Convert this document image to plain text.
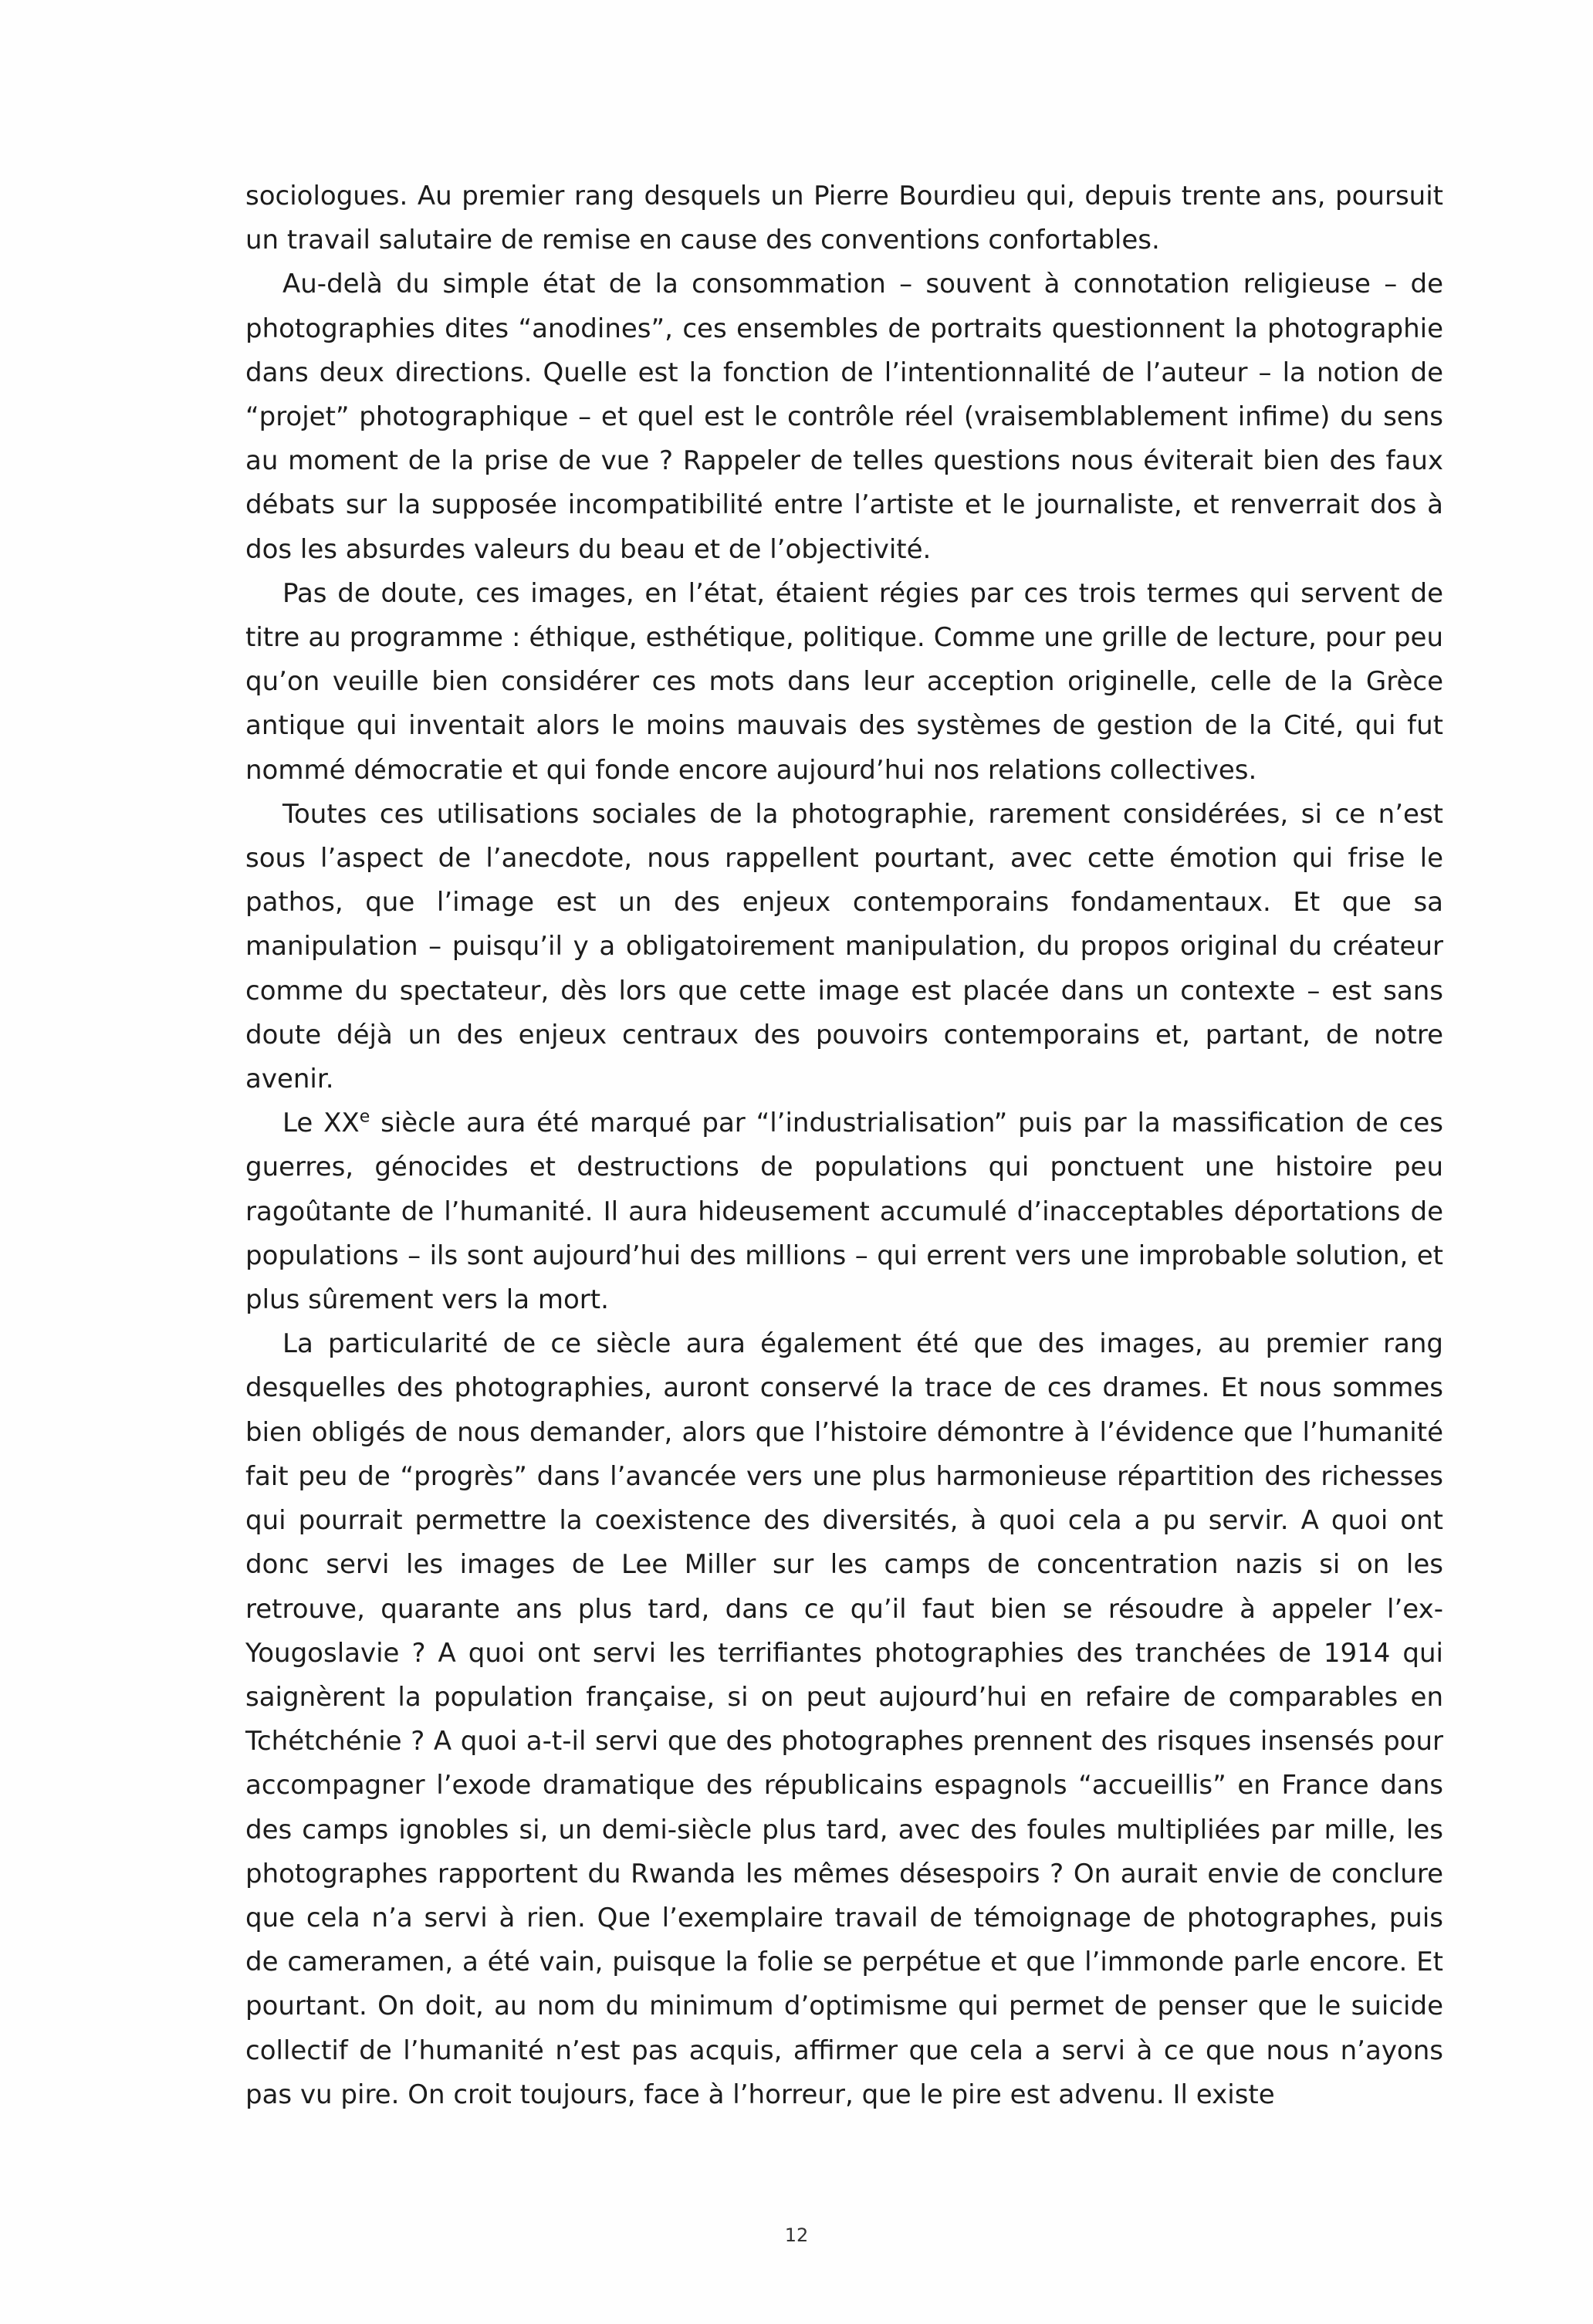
sociologues. Au premier rang desquels un Pierre Bourdieu qui, depuis trente ans, poursuit un travail salutaire de remise en cause des conventions confortables.

Au-delà du simple état de la consommation – souvent à connotation religieuse – de photographies dites “anodines”, ces ensembles de portraits questionnent la photographie dans deux directions. Quelle est la fonction de l’intentionnalité de l’auteur – la notion de “projet” photographique – et quel est le contrôle réel (vraisemblablement infime) du sens au moment de la prise de vue ? Rappeler de telles questions nous éviterait bien des faux débats sur la supposée incompatibilité entre l’artiste et le journaliste, et renverrait dos à dos les absurdes valeurs du beau et de l’objectivité.

Pas de doute, ces images, en l’état, étaient régies par ces trois termes qui servent de titre au programme : éthique, esthétique, politique. Comme une grille de lecture, pour peu qu’on veuille bien considérer ces mots dans leur acception originelle, celle de la Grèce antique qui inventait alors le moins mauvais des systèmes de gestion de la Cité, qui fut nommé démocratie et qui fonde encore aujourd’hui nos relations collectives.

Toutes ces utilisations sociales de la photographie, rarement considérées, si ce n’est sous l’aspect de l’anecdote, nous rappellent pourtant, avec cette émotion qui frise le pathos, que l’image est un des enjeux contemporains fondamentaux. Et que sa manipulation – puisqu’il y a obligatoirement manipulation, du propos original du créateur comme du spectateur, dès lors que cette image est placée dans un contexte – est sans doute déjà un des enjeux centraux des pouvoirs contemporains et, partant, de notre avenir.

Le XXe siècle aura été marqué par “l’industrialisation” puis par la massification de ces guerres, génocides et destructions de populations qui ponctuent une histoire peu ragoûtante de l’humanité. Il aura hideusement accumulé d’inacceptables déportations de populations – ils sont aujourd’hui des millions – qui errent vers une improbable solution, et plus sûrement vers la mort.

La particularité de ce siècle aura également été que des images, au premier rang desquelles des photographies, auront conservé la trace de ces drames. Et nous sommes bien obligés de nous demander, alors que l’histoire démontre à l’évidence que l’humanité fait peu de “progrès” dans l’avancée vers une plus harmonieuse répartition des richesses qui pourrait permettre la coexistence des diversités, à quoi cela a pu servir. A quoi ont donc servi les images de Lee Miller sur les camps de concentration nazis si on les retrouve, quarante ans plus tard, dans ce qu’il faut bien se résoudre à appeler l’ex-Yougoslavie ? A quoi ont servi les terrifiantes photographies des tranchées de 1914 qui saignèrent la population française, si on peut aujourd’hui en refaire de comparables en Tchétchénie ? A quoi a-t-il servi que des photographes prennent des risques insensés pour accompagner l’exode dramatique des républicains espagnols “accueillis” en France dans des camps ignobles si, un demi-siècle plus tard, avec des foules multipliées par mille, les photographes rapportent du Rwanda les mêmes désespoirs ? On aurait envie de conclure que cela n’a servi à rien. Que l’exemplaire travail de témoignage de photographes, puis de cameramen, a été vain, puisque la folie se perpétue et que l’immonde parle encore. Et pourtant. On doit, au nom du minimum d’optimisme qui permet de penser que le suicide collectif de l’humanité n’est pas acquis, affirmer que cela a servi à ce que nous n’ayons pas vu pire. On croit toujours, face à l’horreur, que le pire est advenu. Il existe

12
